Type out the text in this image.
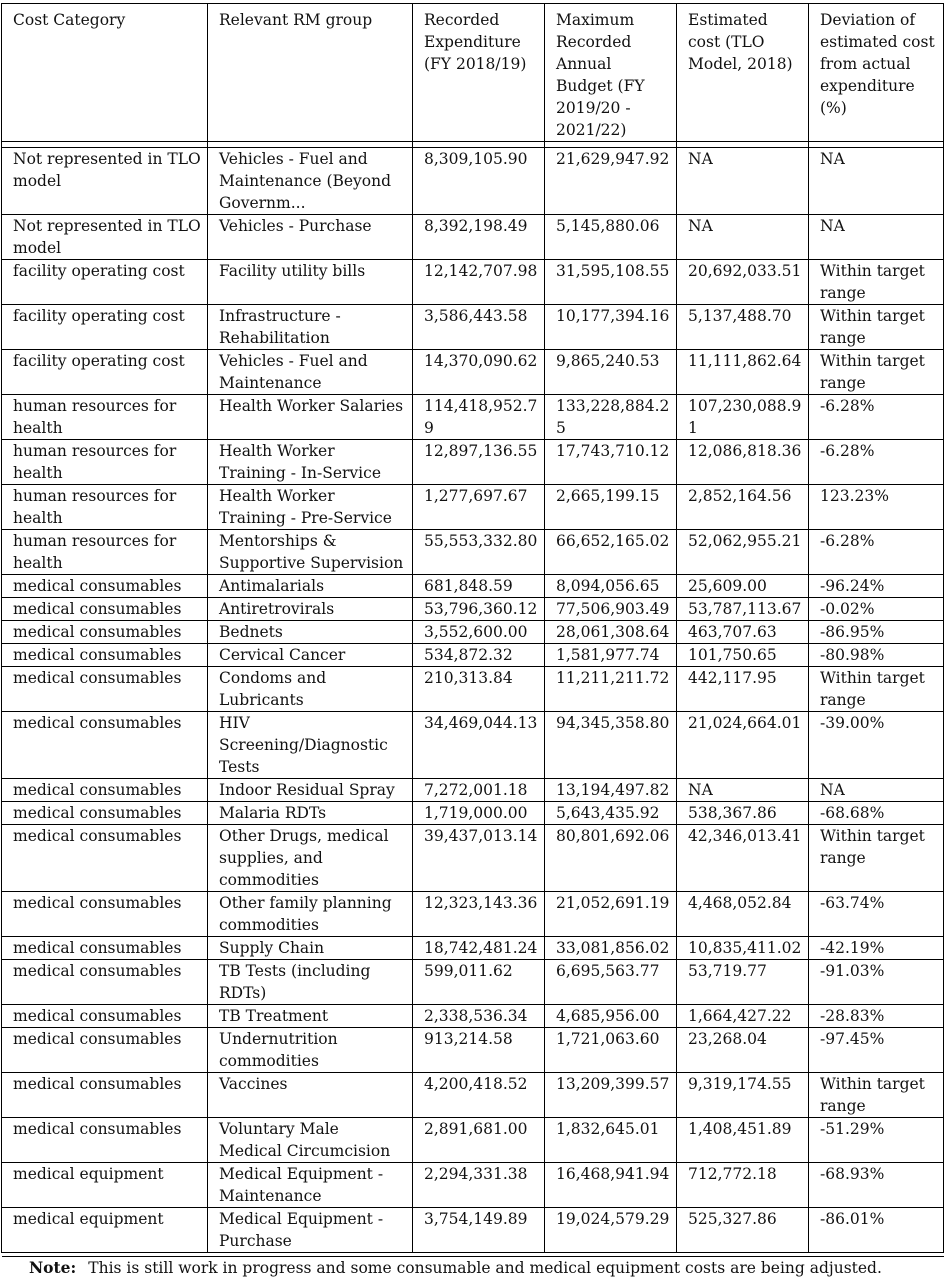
Cost Category	Relevant RM group	Recorded Expenditure (FY 2018/19)	Maximum Recorded Annual Budget (FY 2019/20 - 2021/22)	Estimated cost (TLO Model, 2018)	Deviation of estimated cost from actual expenditure (%)

Not represented in TLO model	Vehicles - Fuel and Maintenance (Beyond Governm...	8,309,105.90	21,629,947.92	NA	NA
Not represented in TLO model	Vehicles - Purchase	8,392,198.49	5,145,880.06	NA	NA
facility operating cost	Facility utility bills	12,142,707.98	31,595,108.55	20,692,033.51	Within target range
facility operating cost	Infrastructure - Rehabilitation	3,586,443.58	10,177,394.16	5,137,488.70	Within target range
facility operating cost	Vehicles - Fuel and Maintenance	14,370,090.62	9,865,240.53	11,111,862.64	Within target range
human resources for health	Health Worker Salaries	114,418,952.79	133,228,884.25	107,230,088.91	-6.28%
human resources for health	Health Worker Training - In-Service	12,897,136.55	17,743,710.12	12,086,818.36	-6.28%
human resources for health	Health Worker Training - Pre-Service	1,277,697.67	2,665,199.15	2,852,164.56	123.23%
human resources for health	Mentorships & Supportive Supervision	55,553,332.80	66,652,165.02	52,062,955.21	-6.28%
medical consumables	Antimalarials	681,848.59	8,094,056.65	25,609.00	-96.24%
medical consumables	Antiretrovirals	53,796,360.12	77,506,903.49	53,787,113.67	-0.02%
medical consumables	Bednets	3,552,600.00	28,061,308.64	463,707.63	-86.95%
medical consumables	Cervical Cancer	534,872.32	1,581,977.74	101,750.65	-80.98%
medical consumables	Condoms and Lubricants	210,313.84	11,211,211.72	442,117.95	Within target range
medical consumables	HIV Screening/Diagnostic Tests	34,469,044.13	94,345,358.80	21,024,664.01	-39.00%
medical consumables	Indoor Residual Spray	7,272,001.18	13,194,497.82	NA	NA
medical consumables	Malaria RDTs	1,719,000.00	5,643,435.92	538,367.86	-68.68%
medical consumables	Other Drugs, medical supplies, and commodities	39,437,013.14	80,801,692.06	42,346,013.41	Within target range
medical consumables	Other family planning commodities	12,323,143.36	21,052,691.19	4,468,052.84	-63.74%
medical consumables	Supply Chain	18,742,481.24	33,081,856.02	10,835,411.02	-42.19%
medical consumables	TB Tests (including RDTs)	599,011.62	6,695,563.77	53,719.77	-91.03%
medical consumables	TB Treatment	2,338,536.34	4,685,956.00	1,664,427.22	-28.83%
medical consumables	Undernutrition commodities	913,214.58	1,721,063.60	23,268.04	-97.45%
medical consumables	Vaccines	4,200,418.52	13,209,399.57	9,319,174.55	Within target range
medical consumables	Voluntary Male Medical Circumcision	2,891,681.00	1,832,645.01	1,408,451.89	-51.29%
medical equipment	Medical Equipment - Maintenance	2,294,331.38	16,468,941.94	712,772.18	-68.93%
medical equipment	Medical Equipment - Purchase	3,754,149.89	19,024,579.29	525,327.86	-86.01%
Note: This is still work in progress and some consumable and medical equipment costs are being adjusted.
